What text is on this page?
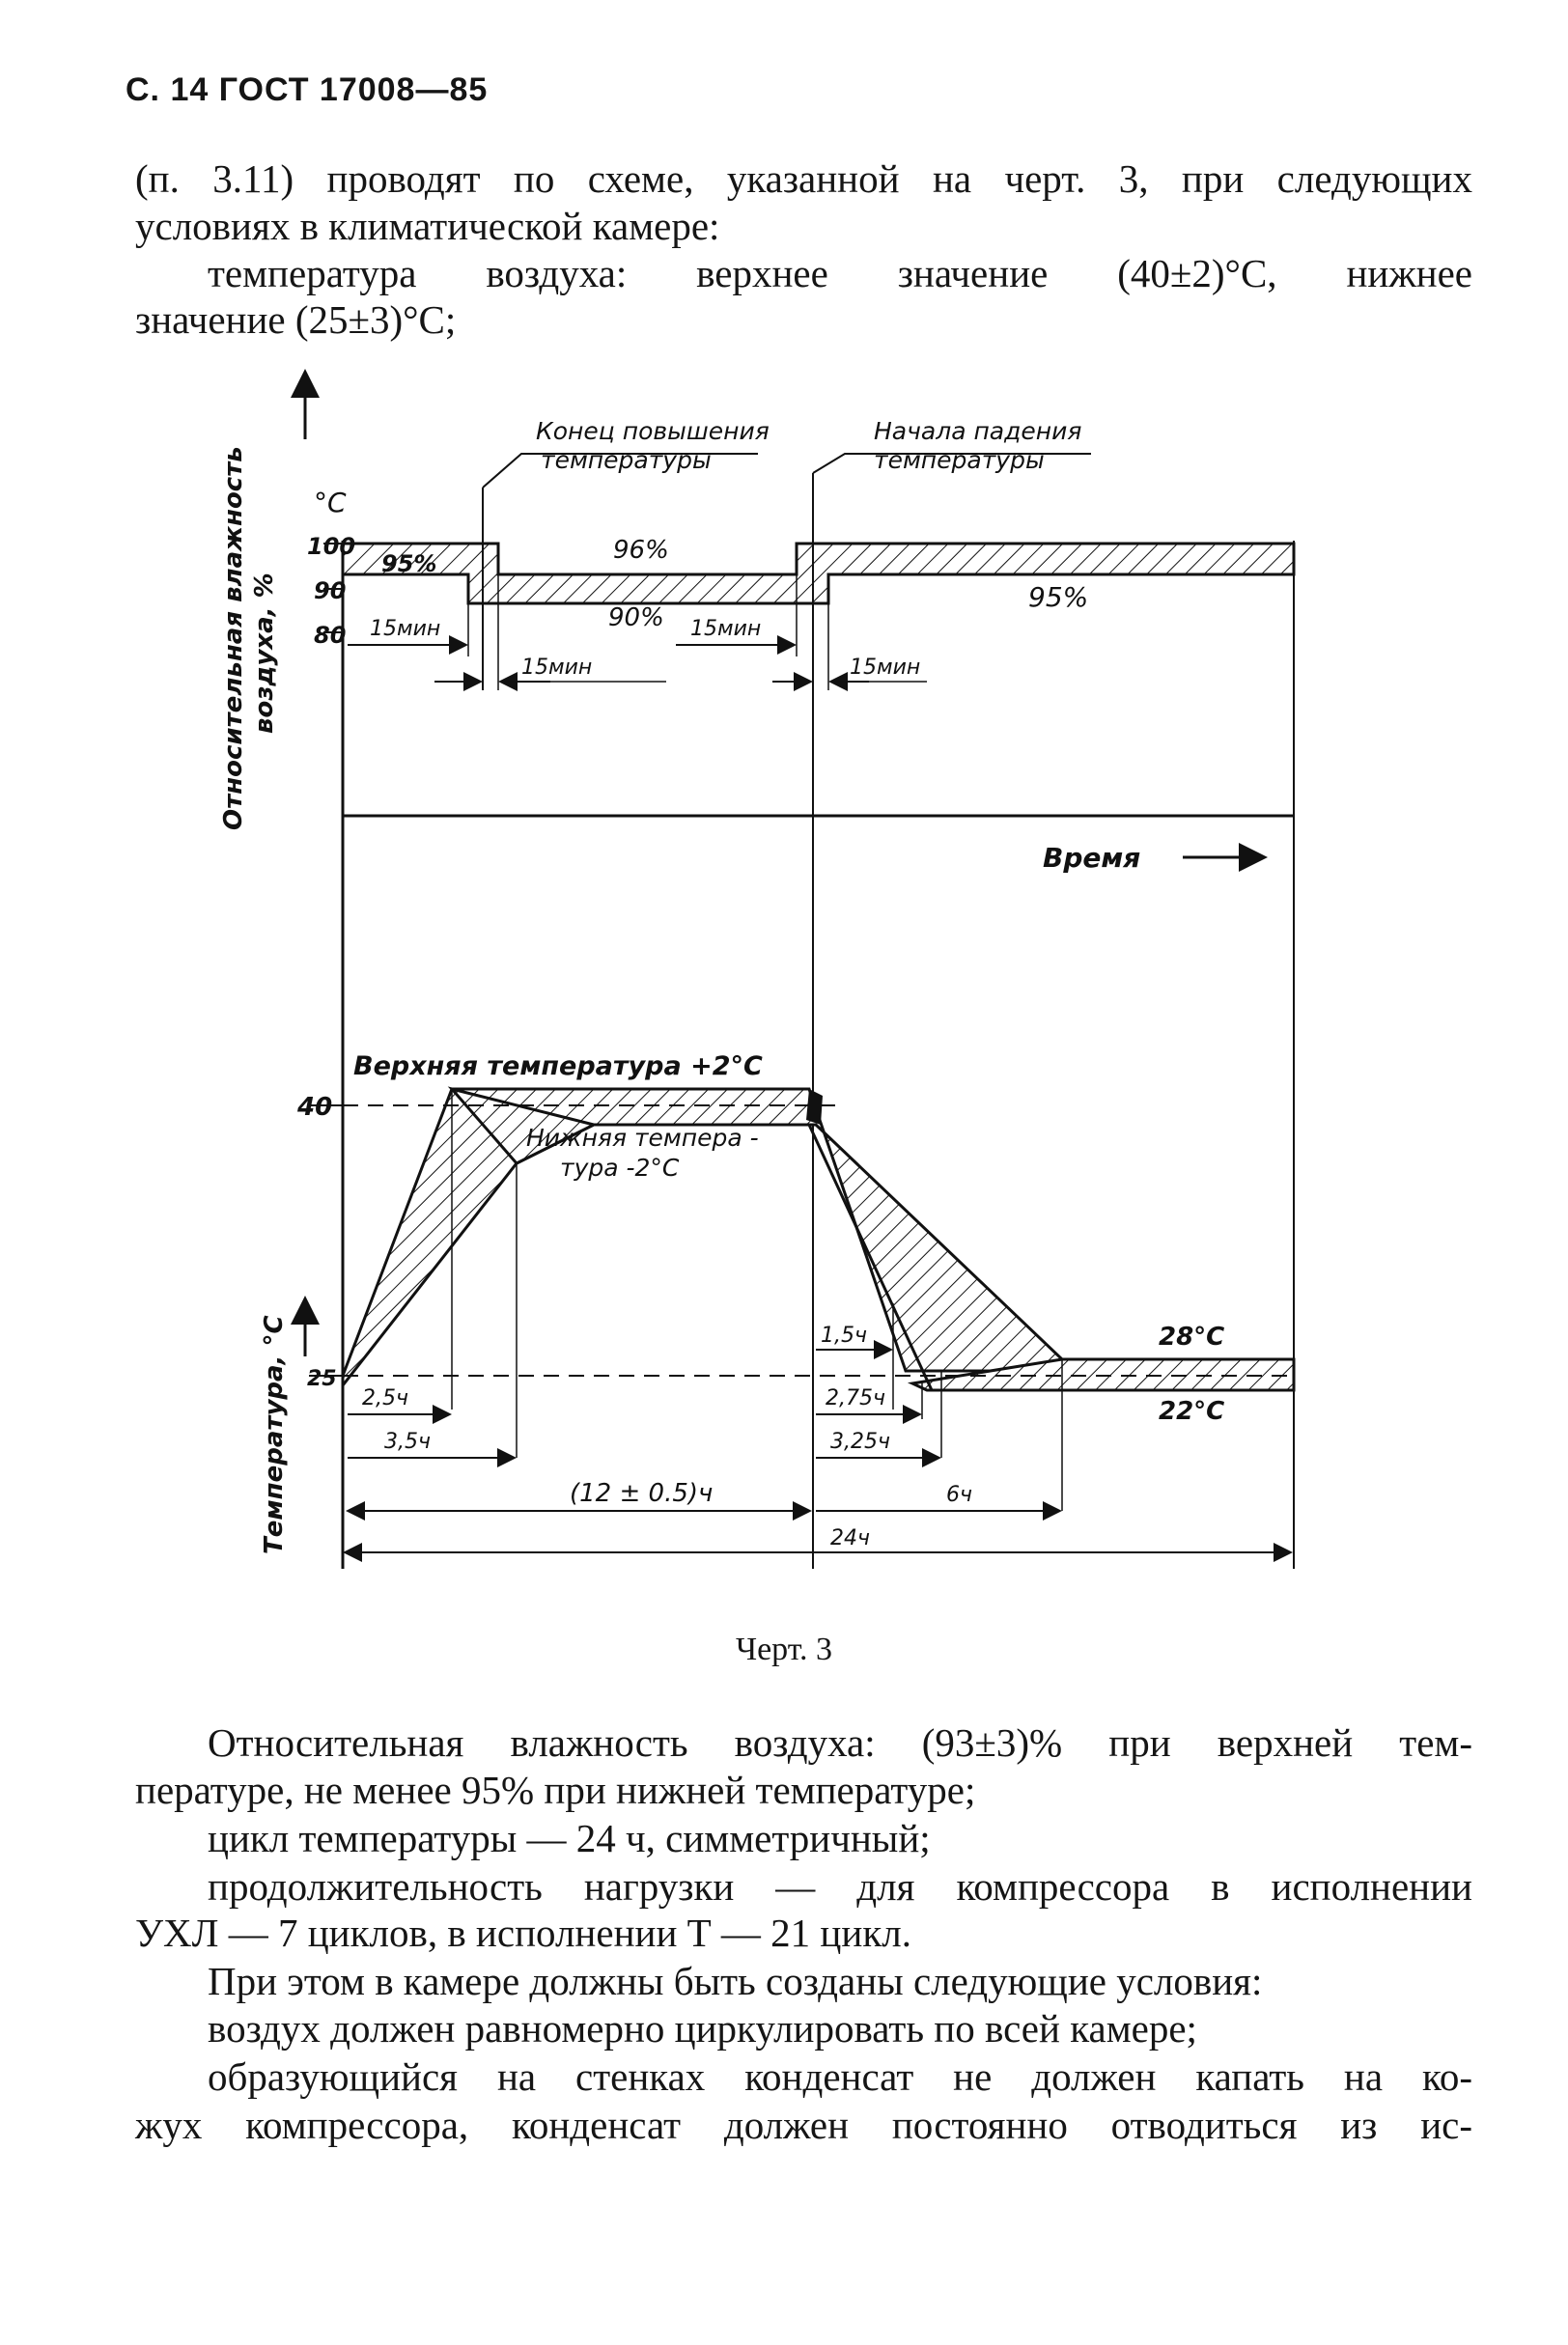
С. 14 ГОСТ 17008—85
(п. 3.11) проводят по схеме, указанной на черт. 3, при следующих
условиях в климатической камере:
температура воздуха: верхнее значение (40±2)°С, нижнее
значение (25±3)°С;
Относительная влажность воздуха, %
°C
100
90
80
Конец повышения
температуры
Начала падения
температуры
96%
95%
90%
95%
15мин
15мин
15мин
15мин
Время
Температура, °С
40
25
Верхняя температура +2°С
Нижняя темпера -
тура -2°С
28°С
22°С
2,5ч
3,5ч
1,5ч
2,75ч
3,25ч
6ч
(12 ± 0.5)ч
24ч
Черт. 3
Относительная влажность воздуха: (93±3)% при верхней тем-
пературе, не менее 95% при нижней температуре;
цикл температуры — 24 ч, симметричный;
продолжительность нагрузки — для компрессора в исполнении
УХЛ — 7 циклов, в исполнении Т — 21 цикл.
При этом в камере должны быть созданы следующие условия:
воздух должен равномерно циркулировать по всей камере;
образующийся на стенках конденсат не должен капать на ко-
жух компрессора, конденсат должен постоянно отводиться из ис-
